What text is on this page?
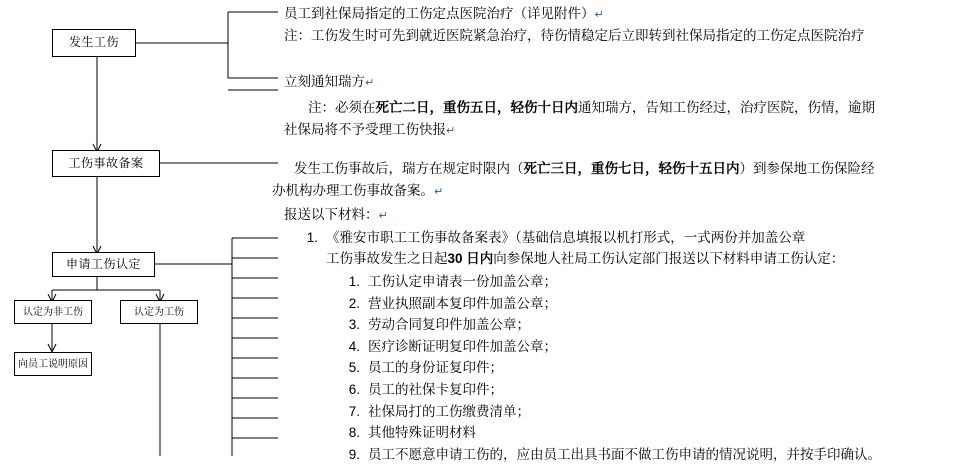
发生工伤
工伤事故备案
申请工伤认定
认定为非工伤	认定为工伤
向员工说明原因
员工到社保局指定的工伤定点医院治疗（详见附件）↵
注：工伤发生时可先到就近医院紧急治疗，待伤情稳定后立即转到社保局指定的工伤定点医院治疗
立刻通知瑞方↵
注：必须在死亡二日，重伤五日，轻伤十日内通知瑞方，告知工伤经过，治疗医院，伤情，逾期
社保局将不予受理工伤快报↵
发生工伤事故后，瑞方在规定时限内（死亡三日，重伤七日，轻伤十五日内）到参保地工伤保险经
办机构办理工伤事故备案。↵
报送以下材料：↵
1. 《雅安市职工工伤事故备案表》（基础信息填报以机打形式，一式两份并加盖公章
工伤事故发生之日起30 日内向参保地人社局工伤认定部门报送以下材料申请工伤认定：
1. 工伤认定申请表一份加盖公章；
2. 营业执照副本复印件加盖公章；
3. 劳动合同复印件加盖公章；
4. 医疗诊断证明复印件加盖公章；
5. 员工的身份证复印件；
6. 员工的社保卡复印件；
7. 社保局打的工伤缴费清单；
8. 其他特殊证明材料
9. 员工不愿意申请工伤的，应由员工出具书面不做工伤申请的情况说明，并按手印确认。
